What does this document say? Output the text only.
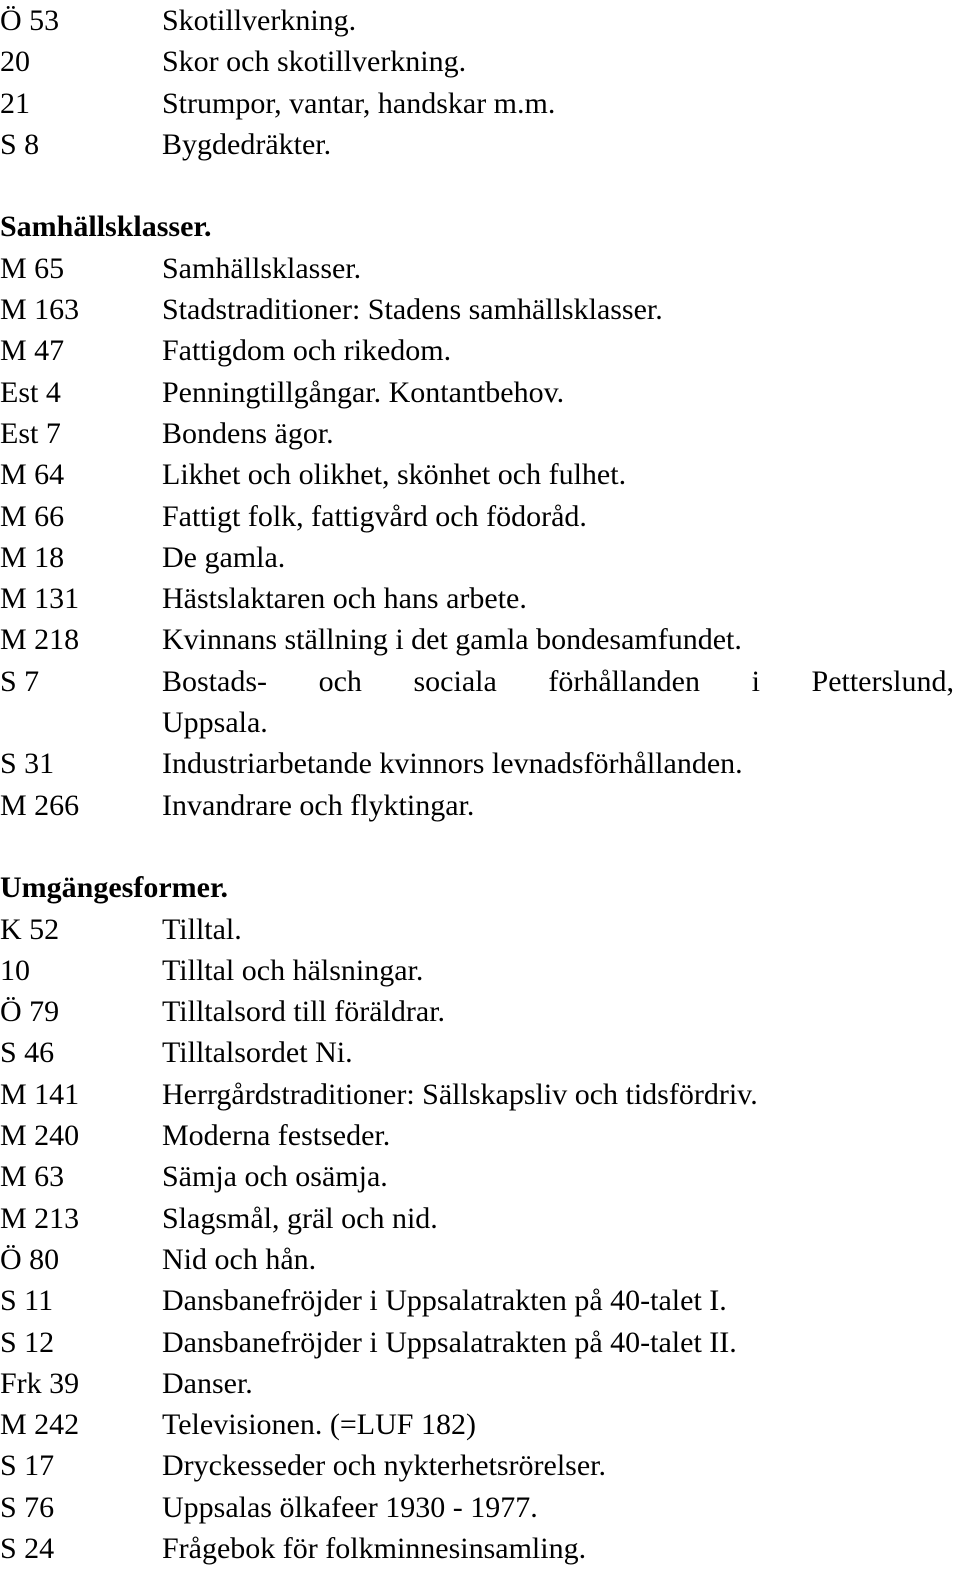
Ö 53	Skotillverkning.
20	Skor och skotillverkning.
21	Strumpor, vantar, handskar m.m.
S 8	Bygdedräkter.
Samhällsklasser.
M 65	Samhällsklasser.
M 163	Stadstraditioner: Stadens samhällsklasser.
M 47	Fattigdom och rikedom.
Est 4	Penningtillgångar. Kontantbehov.
Est 7	Bondens ägor.
M 64	Likhet och olikhet, skönhet och fulhet.
M 66	Fattigt folk, fattigvård och födoråd.
M 18	De gamla.
M 131	Hästslaktaren och hans arbete.
M 218	Kvinnans ställning i det gamla bondesamfundet.
S 7	Bostads- och sociala förhållanden i Petterslund,
Uppsala.
S 31	Industriarbetande kvinnors levnadsförhållanden.
M 266	Invandrare och flyktingar.
Umgängesformer.
K 52	Tilltal.
10	Tilltal och hälsningar.
Ö 79	Tilltalsord till föräldrar.
S 46	Tilltalsordet Ni.
M 141	Herrgårdstraditioner: Sällskapsliv och tidsfördriv.
M 240	Moderna festseder.
M 63	Sämja och osämja.
M 213	Slagsmål, gräl och nid.
Ö 80	Nid och hån.
S 11	Dansbanefröjder i Uppsalatrakten på 40-talet I.
S 12	Dansbanefröjder i Uppsalatrakten på 40-talet II.
Frk 39	Danser.
M 242	Televisionen. (=LUF 182)
S 17	Dryckesseder och nykterhetsrörelser.
S 76	Uppsalas ölkafeer 1930 - 1977.
S 24	Frågebok för folkminnesinsamling.
